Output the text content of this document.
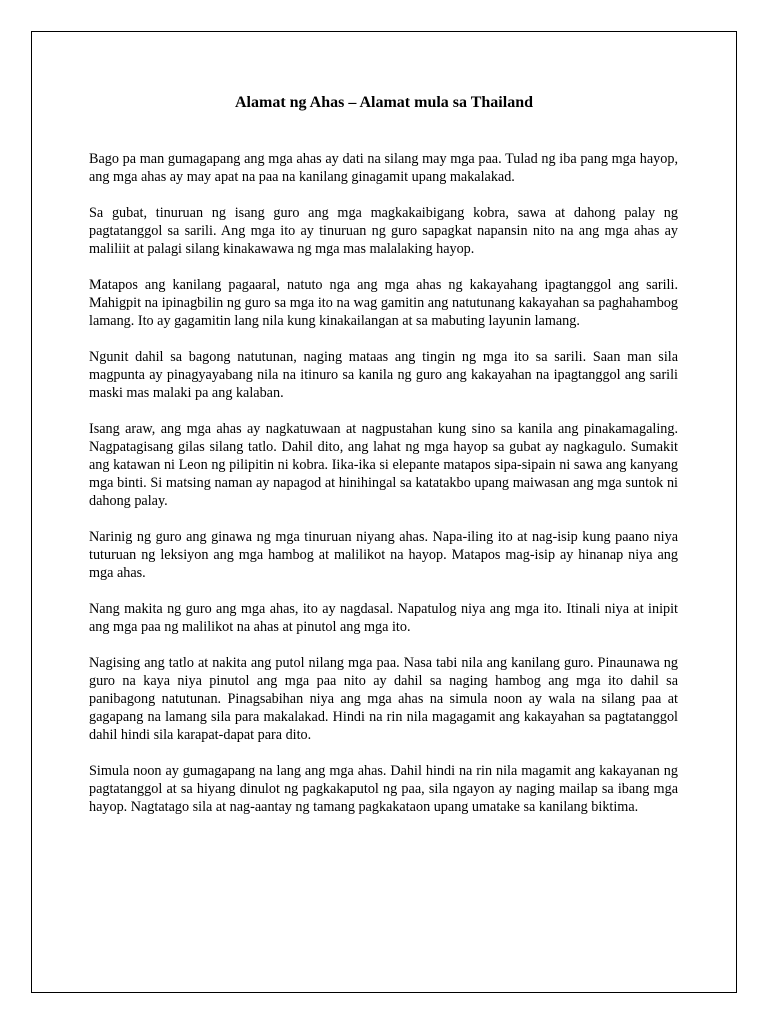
Alamat ng Ahas – Alamat mula sa Thailand

Bago pa man gumagapang ang mga ahas ay dati na silang may mga paa. Tulad ng iba pang mga hayop, ang mga ahas ay may apat na paa na kanilang ginagamit upang makalakad.

Sa gubat, tinuruan ng isang guro ang mga magkakaibigang kobra, sawa at dahong palay ng pagtatanggol sa sarili. Ang mga ito ay tinuruan ng guro sapagkat napansin nito na ang mga ahas ay maliliit at palagi silang kinakawawa ng mga mas malalaking hayop.

Matapos ang kanilang pagaaral, natuto nga ang mga ahas ng kakayahang ipagtanggol ang sarili. Mahigpit na ipinagbilin ng guro sa mga ito na wag gamitin ang natutunang kakayahan sa paghahambog lamang. Ito ay gagamitin lang nila kung kinakailangan at sa mabuting layunin lamang.

Ngunit dahil sa bagong natutunan, naging mataas ang tingin ng mga ito sa sarili. Saan man sila magpunta ay pinagyayabang nila na itinuro sa kanila ng guro ang kakayahan na ipagtanggol ang sarili maski mas malaki pa ang kalaban.

Isang araw, ang mga ahas ay nagkatuwaan at nagpustahan kung sino sa kanila ang pinakamagaling. Nagpatagisang gilas silang tatlo. Dahil dito, ang lahat ng mga hayop sa gubat ay nagkagulo. Sumakit ang katawan ni Leon ng pilipitin ni kobra. Iika-ika si elepante matapos sipa-sipain ni sawa ang kanyang mga binti. Si matsing naman ay napagod at hinihingal sa katatakbo upang maiwasan ang mga suntok ni dahong palay.

Narinig ng guro ang ginawa ng mga tinuruan niyang ahas. Napa-iling ito at nag-isip kung paano niya tuturuan ng leksiyon ang mga hambog at malilikot na hayop. Matapos mag-isip ay hinanap niya ang mga ahas.

Nang makita ng guro ang mga ahas, ito ay nagdasal. Napatulog niya ang mga ito. Itinali niya at inipit ang mga paa ng malilikot na ahas at pinutol ang mga ito.

Nagising ang tatlo at nakita ang putol nilang mga paa. Nasa tabi nila ang kanilang guro. Pinaunawa ng guro na kaya niya pinutol ang mga paa nito ay dahil sa naging hambog ang mga ito dahil sa panibagong natutunan. Pinagsabihan niya ang mga ahas na simula noon ay wala na silang paa at gagapang na lamang sila para makalakad. Hindi na rin nila magagamit ang kakayahan sa pagtatanggol dahil hindi sila karapat-dapat para dito.

Simula noon ay gumagapang na lang ang mga ahas. Dahil hindi na rin nila magamit ang kakayanan ng pagtatanggol at sa hiyang dinulot ng pagkakaputol ng paa, sila ngayon ay naging mailap sa ibang mga hayop. Nagtatago sila at nag-aantay ng tamang pagkakataon upang umatake sa kanilang biktima.
